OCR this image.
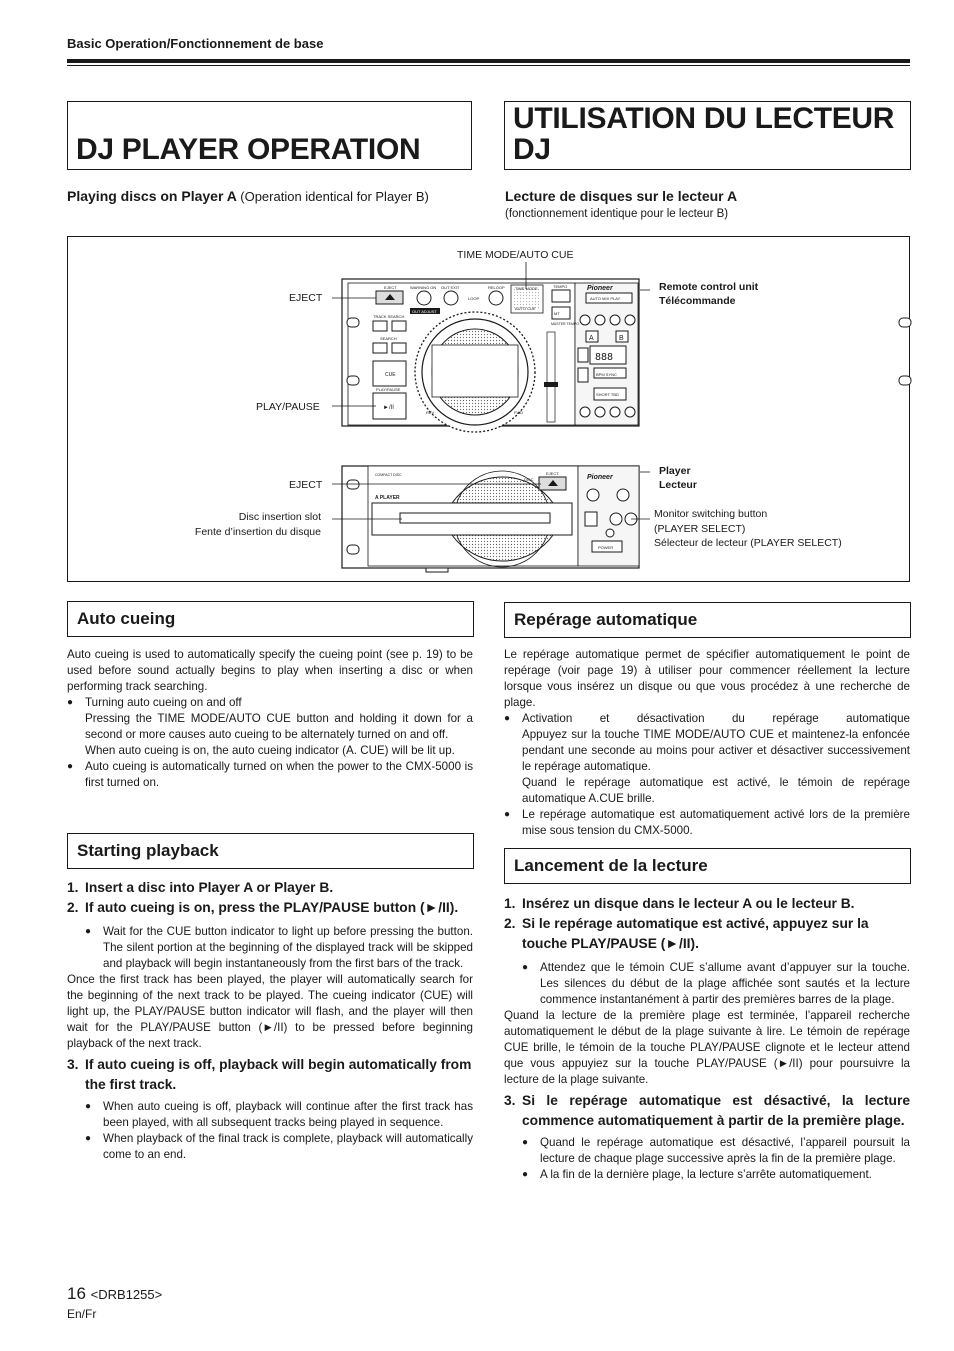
Basic Operation/Fonctionnement de base
DJ PLAYER OPERATION
UTILISATION DU LECTEUR DJ
Playing discs on Player A (Operation identical for Player B)	Lecture de disques sur le lecteur A
(fonctionnement identique pour le lecteur B)
EJECT	WARNING ON OUT EXIT	RELOOP	TIME MODE
AUTO CUE
TEMPO
LOOP
OUT ADJUST
TRACK SEARCH
SEARCH
CUE
PLAY/PAUSE
►/II
REV	FWD
MT
MASTER TEMPO
Pioneer
AUTO MIX PLAY
A	B
888
BPM SYNC
SHORT TBD
COMPACT DISC
DISC
EJECT
A PLAYER
Pioneer
POWER
TIME MODE/AUTO CUE
EJECT
PLAY/PAUSE
Remote control unit
Télécommande
EJECT
Disc insertion slot
Fente d’insertion du disque
Player
Lecteur
Monitor switching button
(PLAYER SELECT)
Sélecteur de lecteur (PLAYER SELECT)
Auto cueing

Auto cueing is used to automatically specify the cueing point (see p. 19) to be used before sound actually begins to play when inserting a disc or when performing track searching.

● Turning auto cueing on and off
Pressing the TIME MODE/AUTO CUE button and holding it down for a second or more causes auto cueing to be alternately turned on and off.
When auto cueing is on, the auto cueing indicator (A. CUE) will be lit up.
● Auto cueing is automatically turned on when the power to the CMX-5000 is first turned on.
Starting playback
1. Insert a disc into Player A or Player B.
2. If auto cueing is on, press the PLAY/PAUSE button (►/II).
● Wait for the CUE button indicator to light up before pressing the button. The silent portion at the beginning of the displayed track will be skipped and playback will begin instantaneously from the first bars of the track.

Once the first track has been played, the player will automatically search for the beginning of the next track to be played. The cueing indicator (CUE) will light up, the PLAY/PAUSE button indicator will flash, and the player will then wait for the PLAY/PAUSE button (►/II) to be pressed before beginning playback of the next track.

3. If auto cueing is off, playback will begin automatically from the first track.
● When auto cueing is off, playback will continue after the first track has been played, with all subsequent tracks being played in sequence.
● When playback of the final track is complete, playback will automatically come to an end.
Repérage automatique

Le repérage automatique permet de spécifier automatiquement le point de repérage (voir page 19) à utiliser pour commencer réellement la lecture lorsque vous insérez un disque ou que vous procédez à une recherche de plage.

● Activation et désactivation du repérage automatique
Appuyez sur la touche TIME MODE/AUTO CUE et maintenez-la enfoncée pendant une seconde au moins pour activer et désactiver successivement le repérage automatique.
Quand le repérage automatique est activé, le témoin de repérage automatique A.CUE brille.
● Le repérage automatique est automatiquement activé lors de la première mise sous tension du CMX-5000.
Lancement de la lecture
1. Insérez un disque dans le lecteur A ou le lecteur B.
2. Si le repérage automatique est activé, appuyez sur la touche PLAY/PAUSE (►/II).
● Attendez que le témoin CUE s’allume avant d’appuyer sur la touche. Les silences du début de la plage affichée sont sautés et la lecture commence instantanément à partir des premières barres de la plage.

Quand la lecture de la première plage est terminée, l’appareil recherche automatiquement le début de la plage suivante à lire. Le témoin de repérage CUE brille, le témoin de la touche PLAY/PAUSE clignote et le lecteur attend que vous appuyiez sur la touche PLAY/PAUSE (►/II) pour poursuivre la lecture de la plage suivante.

3. Si le repérage automatique est désactivé, la lecture commence automatiquement à partir de la première plage.
● Quand le repérage automatique est désactivé, l’appareil poursuit la lecture de chaque plage successive après la fin de la première plage.
● A la fin de la dernière plage, la lecture s’arrête automatiquement.
16 <DRB1255>
En/Fr
